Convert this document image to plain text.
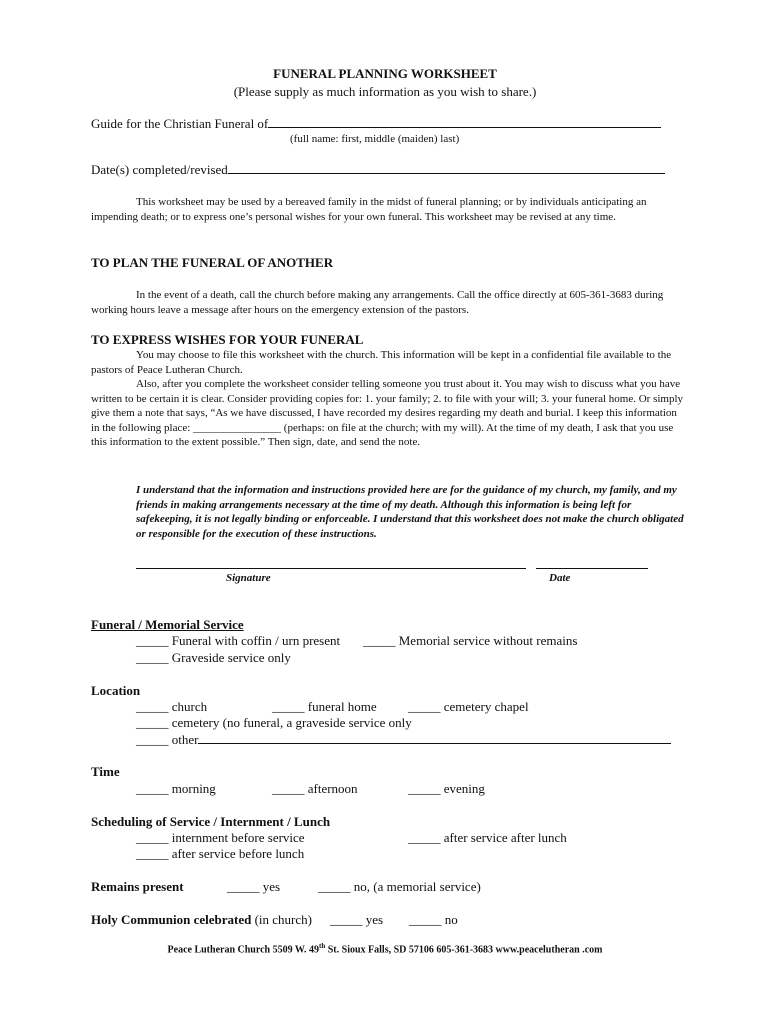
FUNERAL PLANNING WORKSHEET
(Please supply as much information as you wish to share.)
Guide for the Christian Funeral of
(full name: first, middle (maiden) last)
Date(s) completed/revised
This worksheet may be used by a bereaved family in the midst of funeral planning; or by individuals anticipating an impending death; or to express one’s personal wishes for your own funeral. This worksheet may be revised at any time.
TO PLAN THE FUNERAL OF ANOTHER
In the event of a death, call the church before making any arrangements. Call the office directly at 605-361-3683 during working hours leave a message after hours on the emergency extension of the pastors.
TO EXPRESS WISHES FOR YOUR FUNERAL
You may choose to file this worksheet with the church. This information will be kept in a confidential file available to the pastors of Peace Lutheran Church.
Also, after you complete the worksheet consider telling someone you trust about it. You may wish to discuss what you have written to be certain it is clear. Consider providing copies for: 1. your family; 2. to file with your will; 3. your funeral home. Or simply give them a note that says, “As we have discussed, I have recorded my desires regarding my death and burial. I keep this information in the following place: ________________ (perhaps: on file at the church; with my will). At the time of my death, I ask that you use this information to the extent possible.” Then sign, date, and send the note.
I understand that the information and instructions provided here are for the guidance of my church, my family, and my friends in making arrangements necessary at the time of my death. Although this information is being left for safekeeping, it is not legally binding or enforceable. I understand that this worksheet does not make the church obligated or responsible for the execution of these instructions.
Signature	Date
Funeral / Memorial Service
_____ Funeral with coffin / urn present _____ Memorial service without remains
_____ Graveside service only
Location
_____ church	_____ funeral home _____ cemetery chapel
_____ cemetery (no funeral, a graveside service only
_____ other
Time
_____ morning	_____ afternoon	_____ evening
Scheduling of Service / Internment / Lunch
_____ internment before service	_____ after service after lunch
_____ after service before lunch
Remains present	_____ yes	_____ no, (a memorial service)
Holy Communion celebrated (in church) _____ yes _____ no
Peace Lutheran Church 5509 W. 49th St. Sioux Falls, SD 57106 605-361-3683 www.peacelutheran .com
